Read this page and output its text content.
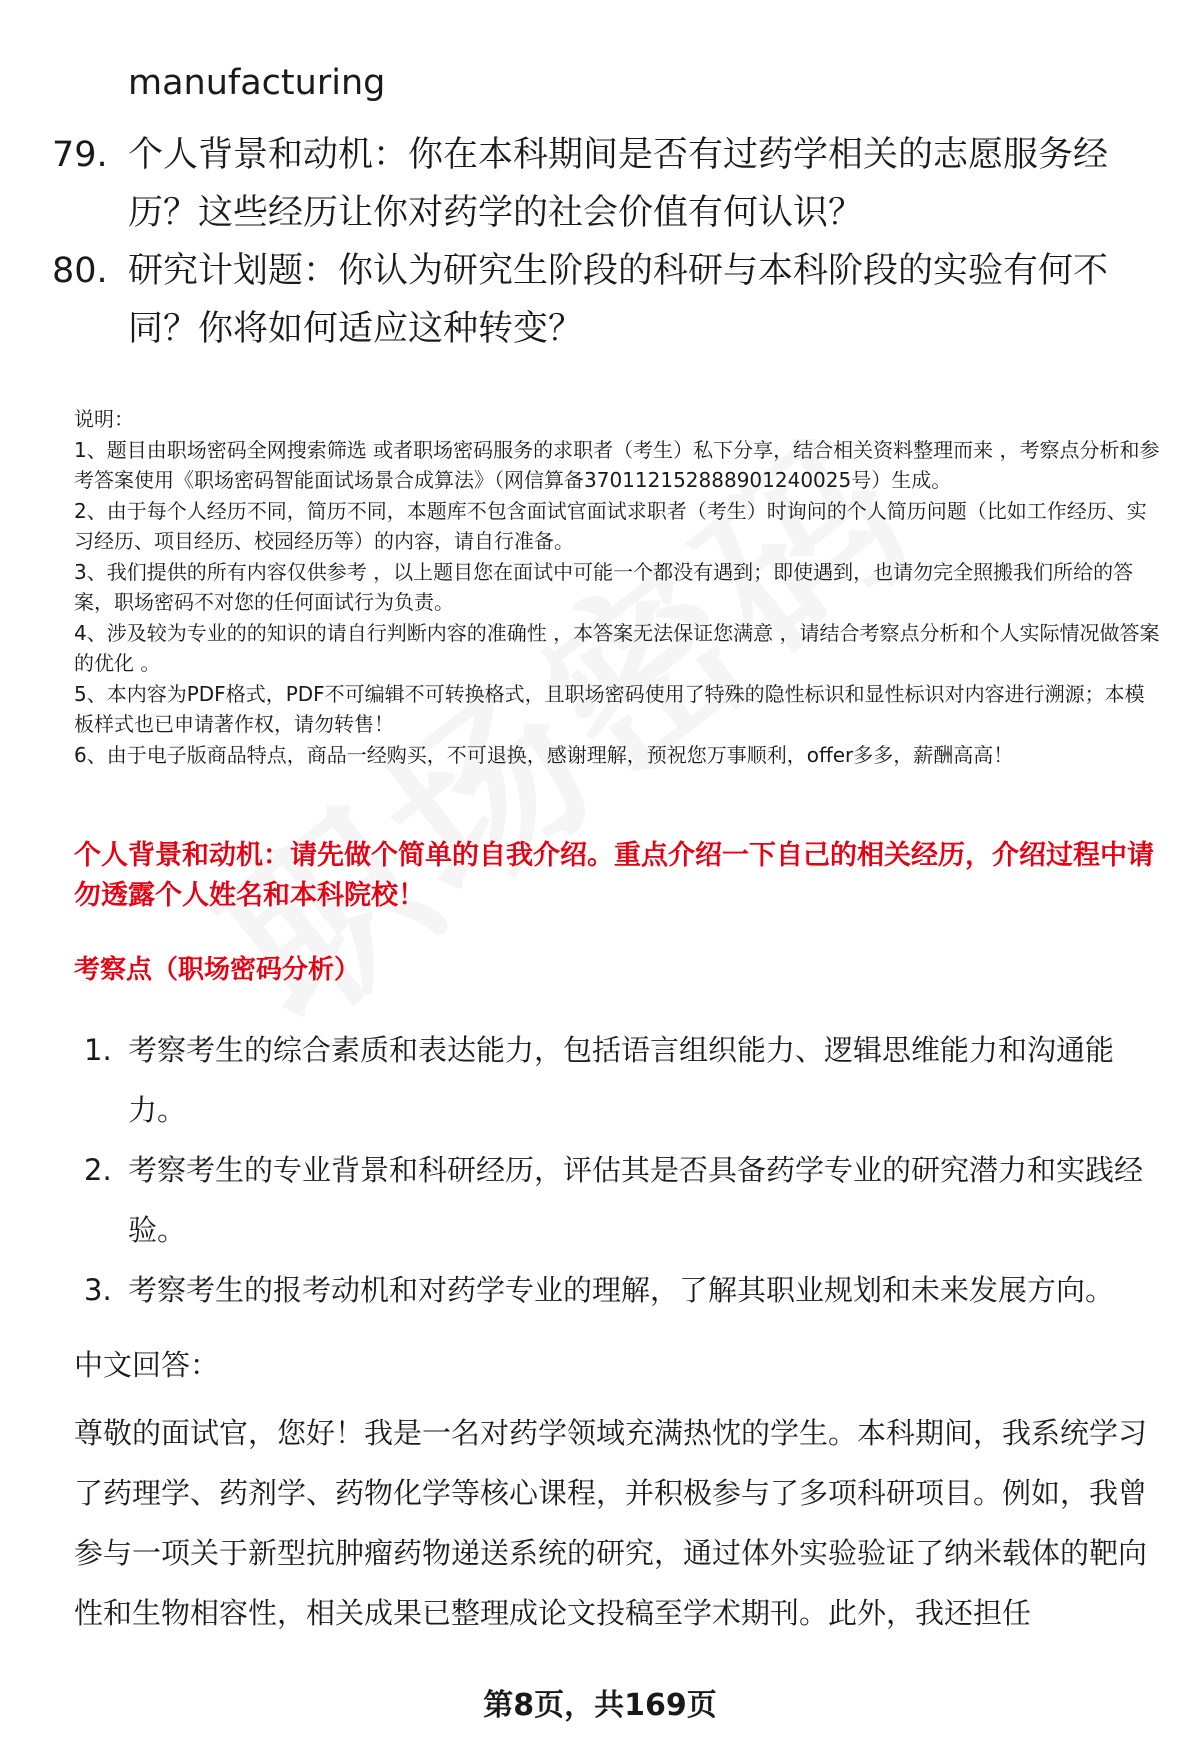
manufacturing
79. 个人背景和动机：你在本科期间是否有过药学相关的志愿服务经历？这些经历让你对药学的社会价值有何认识？
80. 研究计划题：你认为研究生阶段的科研与本科阶段的实验有何不同？你将如何适应这种转变？

说明：

1、题目由职场密码全网搜索筛选 或者职场密码服务的求职者（考生）私下分享，结合相关资料整理而来 ，考察点分析和参考答案使用《职场密码智能面试场景合成算法》（网信算备370112152888901240025号）生成。

2、由于每个人经历不同，简历不同，本题库不包含面试官面试求职者（考生）时询问的个人简历问题（比如工作经历、实习经历、项目经历、校园经历等）的内容，请自行准备。

3、我们提供的所有内容仅供参考 ，以上题目您在面试中可能一个都没有遇到；即使遇到，也请勿完全照搬我们所给的答案，职场密码不对您的任何面试行为负责。

4、涉及较为专业的的知识的请自行判断内容的准确性 ，本答案无法保证您满意 ，请结合考察点分析和个人实际情况做答案的优化 。

5、本内容为PDF格式，PDF不可编辑不可转换格式，且职场密码使用了特殊的隐性标识和显性标识对内容进行溯源；本模板样式也已申请著作权，请勿转售！

6、由于电子版商品特点，商品一经购买，不可退换，感谢理解，预祝您万事顺利，offer多多，薪酬高高！

个人背景和动机：请先做个简单的自我介绍。重点介绍一下自己的相关经历，介绍过程中请勿透露个人姓名和本科院校！
考察点（职场密码分析）
1. 考察考生的综合素质和表达能力，包括语言组织能力、逻辑思维能力和沟通能力。
2. 考察考生的专业背景和科研经历，评估其是否具备药学专业的研究潜力和实践经验。
3. 考察考生的报考动机和对药学专业的理解，了解其职业规划和未来发展方向。
中文回答：
尊敬的面试官，您好！我是一名对药学领域充满热忱的学生。本科期间，我系统学习了药理学、药剂学、药物化学等核心课程，并积极参与了多项科研项目。例如，我曾参与一项关于新型抗肿瘤药物递送系统的研究，通过体外实验验证了纳米载体的靶向性和生物相容性，相关成果已整理成论文投稿至学术期刊。此外，我还担任
第8页，共169页
